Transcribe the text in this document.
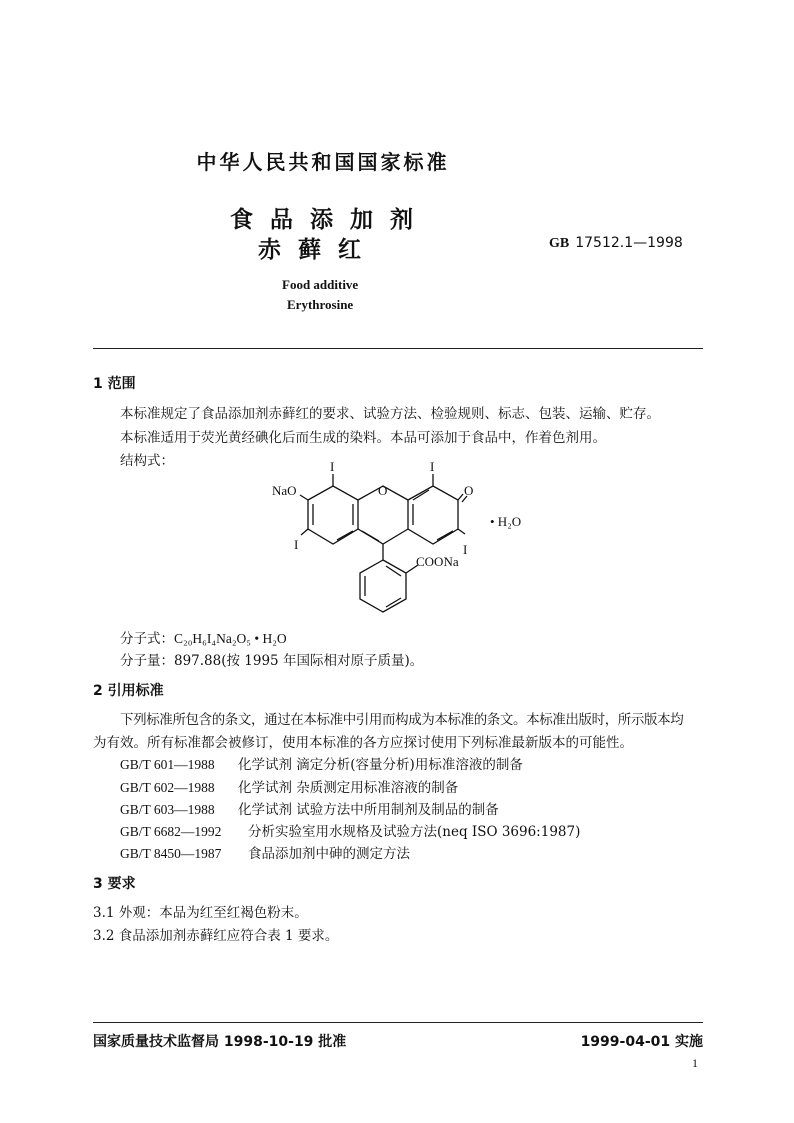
中华人民共和国国家标准
食品添加剂
赤藓红	GB 17512.1—1998
Food additive
Erythrosine
1 范围
本标准规定了食品添加剂赤藓红的要求、试验方法、检验规则、标志、包装、运输、贮存。
本标准适用于荧光黄经碘化后而生成的染料。本品可添加于食品中，作着色剂用。
结构式：	I	I
NaO	O	O
I	I
COONa
• H₂O
分子式：C₂₀H₆I₄Na₂O₅ • H₂O
分子量：897.88(按 1995 年国际相对原子质量)。
2 引用标准
下列标准所包含的条文，通过在本标准中引用而构成为本标准的条文。本标准出版时，所示版本均
为有效。所有标准都会被修订，使用本标准的各方应探讨使用下列标准最新版本的可能性。
GB/T 601—1988 化学试剂 滴定分析(容量分析)用标准溶液的制备
GB/T 602—1988 化学试剂 杂质测定用标准溶液的制备
GB/T 603—1988 化学试剂 试验方法中所用制剂及制品的制备
GB/T 6682—1992 分析实验室用水规格及试验方法(neq ISO 3696:1987)
GB/T 8450—1987 食品添加剂中砷的测定方法
3 要求
3.1 外观：本品为红至红褐色粉末。
3.2 食品添加剂赤藓红应符合表 1 要求。
国家质量技术监督局 1998-10-19 批准	1999-04-01 实施
1
